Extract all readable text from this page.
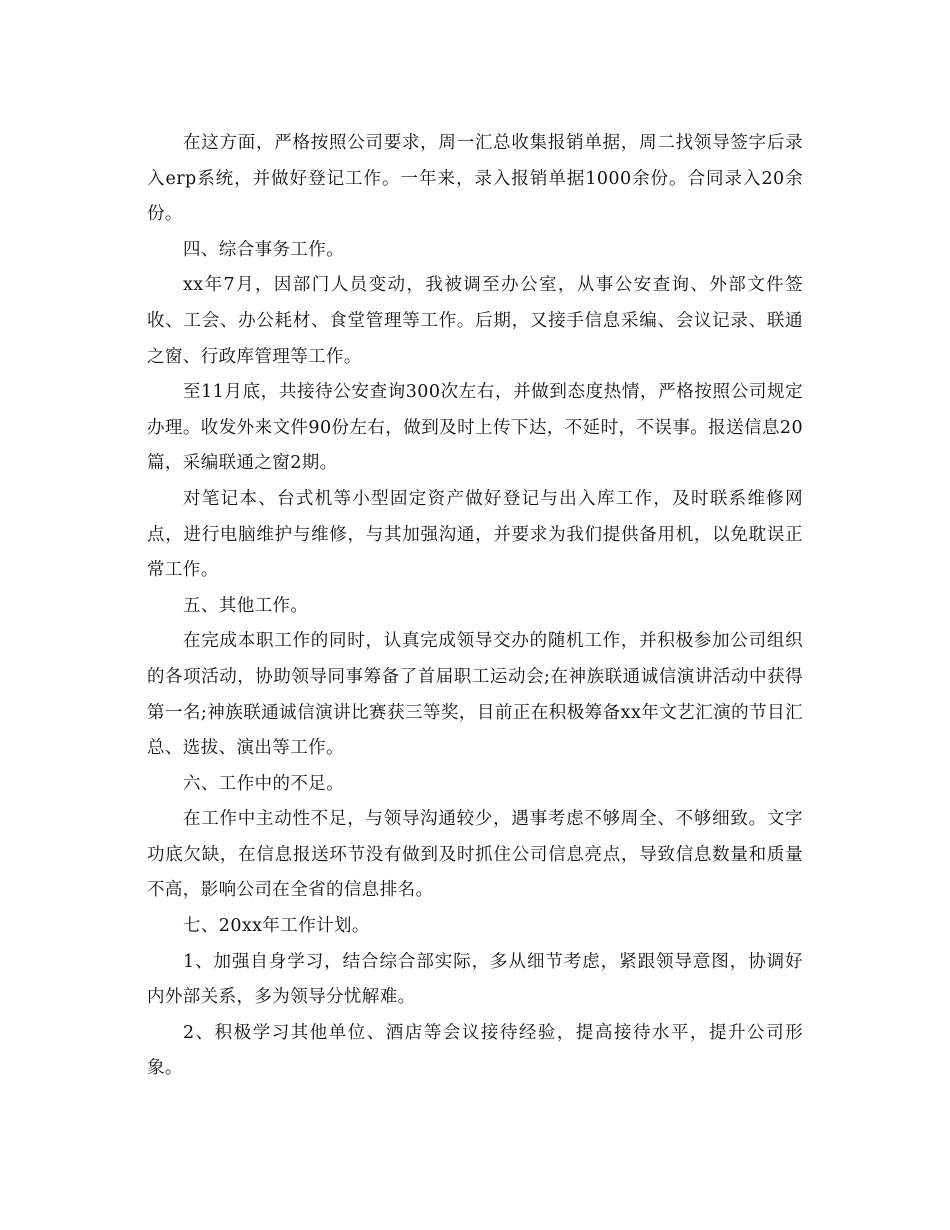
在这方面，严格按照公司要求，周一汇总收集报销单据，周二找领导签字后录入erp系统，并做好登记工作。一年来，录入报销单据1000余份。合同录入20余份。

四、综合事务工作。

xx年7月，因部门人员变动，我被调至办公室，从事公安查询、外部文件签收、工会、办公耗材、食堂管理等工作。后期，又接手信息采编、会议记录、联通之窗、行政库管理等工作。

至11月底，共接待公安查询300次左右，并做到态度热情，严格按照公司规定办理。收发外来文件90份左右，做到及时上传下达，不延时，不误事。报送信息20篇，采编联通之窗2期。

对笔记本、台式机等小型固定资产做好登记与出入库工作，及时联系维修网点，进行电脑维护与维修，与其加强沟通，并要求为我们提供备用机，以免耽误正常工作。

五、其他工作。

在完成本职工作的同时，认真完成领导交办的随机工作，并积极参加公司组织的各项活动，协助领导同事筹备了首届职工运动会;在神族联通诚信演讲活动中获得第一名;神族联通诚信演讲比赛获三等奖，目前正在积极筹备xx年文艺汇演的节目汇总、选拔、演出等工作。

六、工作中的不足。

在工作中主动性不足，与领导沟通较少，遇事考虑不够周全、不够细致。文字功底欠缺，在信息报送环节没有做到及时抓住公司信息亮点，导致信息数量和质量不高，影响公司在全省的信息排名。

七、20xx年工作计划。

1、加强自身学习，结合综合部实际，多从细节考虑，紧跟领导意图，协调好内外部关系，多为领导分忧解难。

2、积极学习其他单位、酒店等会议接待经验，提高接待水平，提升公司形象。
